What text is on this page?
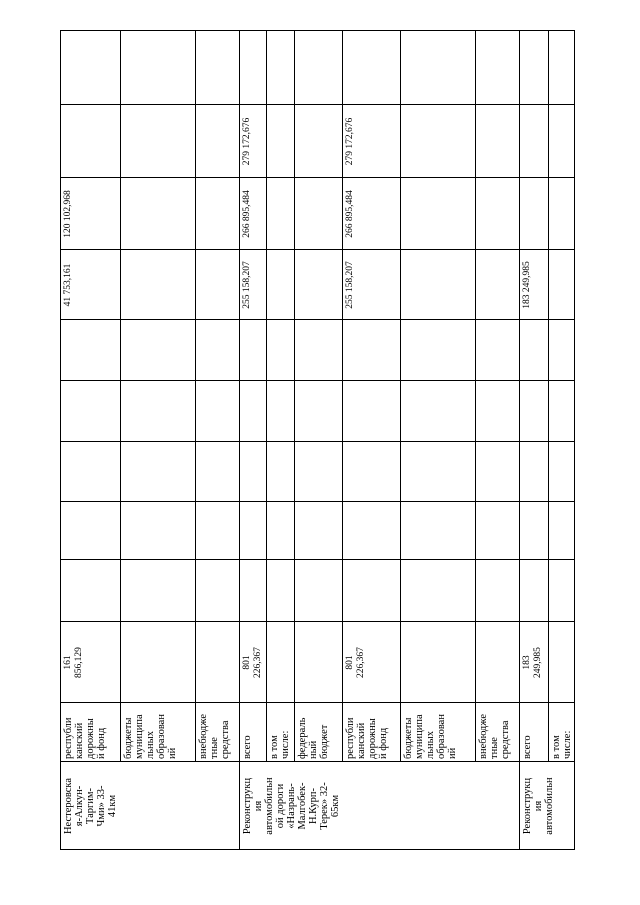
Нестеровска
я-Алкун-
Таргим-
Чми» 33-
41км
республи
канский
дорожны
й фонд
161
856,129
41 753,161
120 102,968
бюджеты
муниципа
льных
образован
ий внебюдже
тные
средства
Реконструкц
ия
автомобильн
ой дороги
«Назрань-
Малгобек-
Н.Курп-
Терек» 32-
65км
всего
801
226,367
255 158,207
266 895,484
279 172,676
в том
числе: федераль
ный
бюджет республи
канский
дорожны
й фонд
801
226,367
255 158,207
266 895,484
279 172,676
бюджеты
муниципа
льных
образован
ий внебюдже
тные
средства
Реконструкц
ия
автомобильн
всего
183
249,985
183 249,985
в том
числе:
